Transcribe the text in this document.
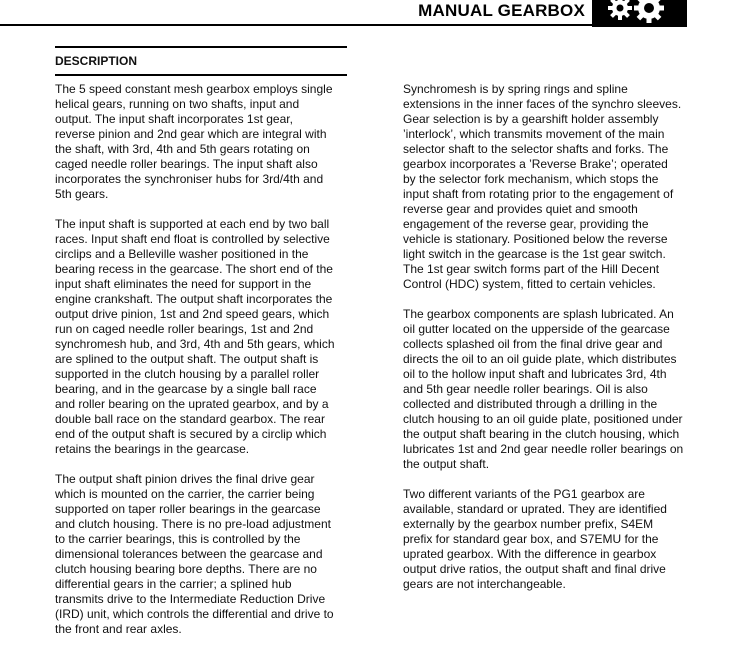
MANUAL GEARBOX
DESCRIPTION

The 5 speed constant mesh gearbox employs single
helical gears, running on two shafts, input and
output. The input shaft incorporates 1st gear,
reverse pinion and 2nd gear which are integral with
the shaft, with 3rd, 4th and 5th gears rotating on
caged needle roller bearings. The input shaft also
incorporates the synchroniser hubs for 3rd/4th and
5th gears.

The input shaft is supported at each end by two ball
races. Input shaft end float is controlled by selective
circlips and a Belleville washer positioned in the
bearing recess in the gearcase. The short end of the
input shaft eliminates the need for support in the
engine crankshaft. The output shaft incorporates the
output drive pinion, 1st and 2nd speed gears, which
run on caged needle roller bearings, 1st and 2nd
synchromesh hub, and 3rd, 4th and 5th gears, which
are splined to the output shaft. The output shaft is
supported in the clutch housing by a parallel roller
bearing, and in the gearcase by a single ball race
and roller bearing on the uprated gearbox, and by a
double ball race on the standard gearbox. The rear
end of the output shaft is secured by a circlip which
retains the bearings in the gearcase.

The output shaft pinion drives the final drive gear
which is mounted on the carrier, the carrier being
supported on taper roller bearings in the gearcase
and clutch housing. There is no pre-load adjustment
to the carrier bearings, this is controlled by the
dimensional tolerances between the gearcase and
clutch housing bearing bore depths. There are no
differential gears in the carrier; a splined hub
transmits drive to the Intermediate Reduction Drive
(IRD) unit, which controls the differential and drive to
the front and rear axles.

Synchromesh is by spring rings and spline
extensions in the inner faces of the synchro sleeves.
Gear selection is by a gearshift holder assembly
’interlock’, which transmits movement of the main
selector shaft to the selector shafts and forks. The
gearbox incorporates a ’Reverse Brake’; operated
by the selector fork mechanism, which stops the
input shaft from rotating prior to the engagement of
reverse gear and provides quiet and smooth
engagement of the reverse gear, providing the
vehicle is stationary. Positioned below the reverse
light switch in the gearcase is the 1st gear switch.
The 1st gear switch forms part of the Hill Decent
Control (HDC) system, fitted to certain vehicles.

The gearbox components are splash lubricated. An
oil gutter located on the upperside of the gearcase
collects splashed oil from the final drive gear and
directs the oil to an oil guide plate, which distributes
oil to the hollow input shaft and lubricates 3rd, 4th
and 5th gear needle roller bearings. Oil is also
collected and distributed through a drilling in the
clutch housing to an oil guide plate, positioned under
the output shaft bearing in the clutch housing, which
lubricates 1st and 2nd gear needle roller bearings on
the output shaft.

Two different variants of the PG1 gearbox are
available, standard or uprated. They are identified
externally by the gearbox number prefix, S4EM
prefix for standard gear box, and S7EMU for the
uprated gearbox. With the difference in gearbox
output drive ratios, the output shaft and final drive
gears are not interchangeable.
